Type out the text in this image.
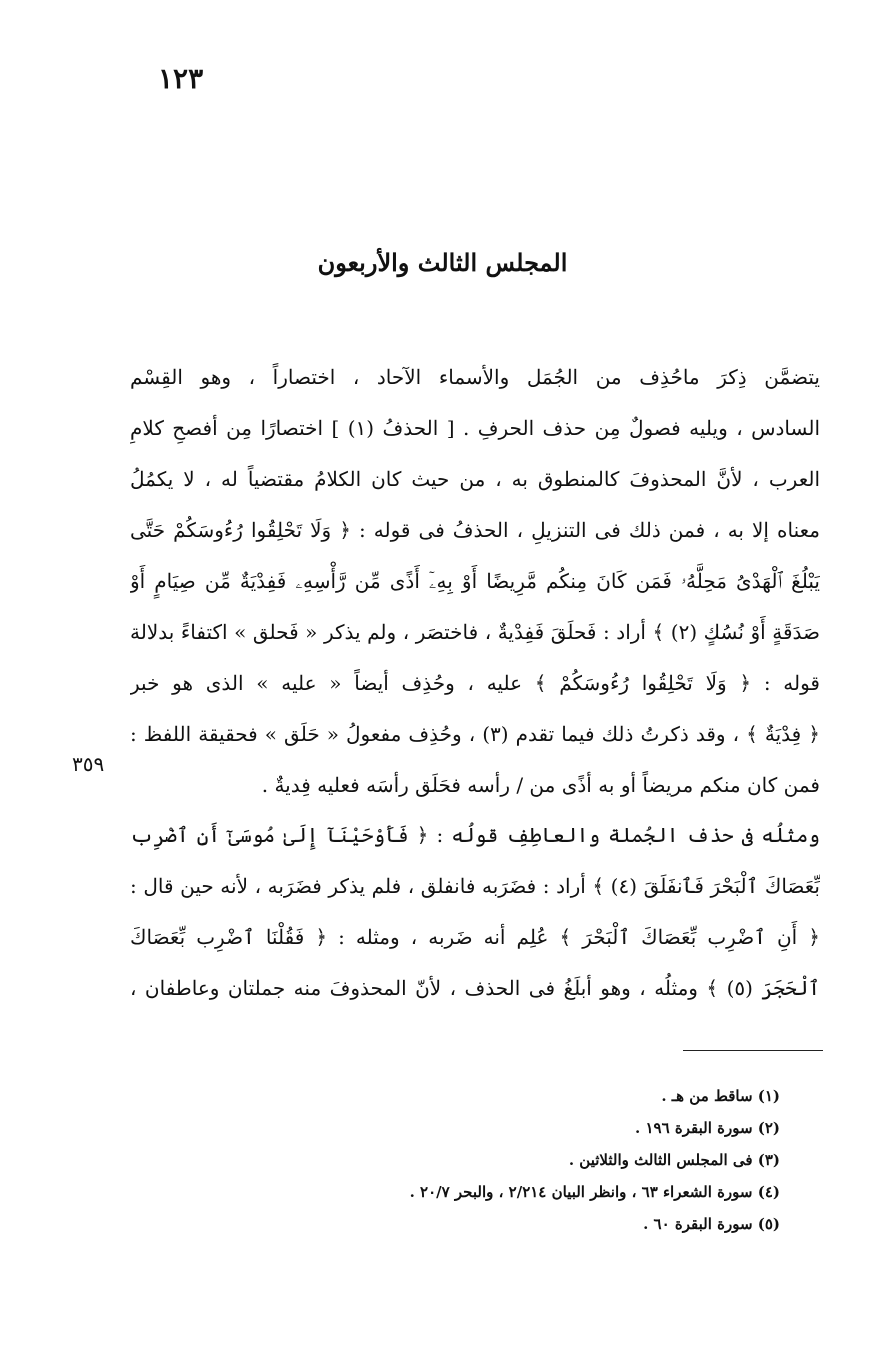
١٢٣
المجلس الثالث والأربعون
يتضمَّن ذِكرَ ماحُذِف من الجُمَل والأسماء الآحاد ، اختصاراً ، وهو القِسْم
السادس ، ويليه فصولٌ مِن حذف الحرفِ . [ الحذفُ (١) ] اختصارًا مِن أفصحِ كلامِ
العرب ، لأنَّ المحذوفَ كالمنطوق به ، من حيث كان الكلامُ مقتضياً له ، لا يكمُلُ
معناه إلا به ، فمن ذلك فى التنزيلِ ، الحذفُ فى قوله : ﴿ وَلَا تَحْلِقُوا رُءُوسَكُمْ حَتَّى
يَبْلُغَ ٱلْهَدْىُ مَحِلَّهُۥ فَمَن كَانَ مِنكُم مَّرِيضًا أَوْ بِهِۦٓ أَذًى مِّن رَّأْسِهِۦ فَفِدْيَةٌ مِّن صِيَامٍ أَوْ
صَدَقَةٍ أَوْ نُسُكٍ (٢) ﴾ أراد : فَحلَقَ فَفِدْيةٌ ، فاختصَر ، ولم يذكر « فَحلق » اكتفاءً بدلالة
قوله : ﴿ وَلَا تَحْلِقُوا رُءُوسَكُمْ ﴾ عليه ، وحُذِف أيضاً « عليه » الذى هو خبر
﴿ فِدْيَةٌ ﴾ ، وقد ذكرتُ ذلك فيما تقدم (٣) ، وحُذِف مفعولُ « حَلَق » فحقيقة اللفظ :
فمن كان منكم مريضاً أو به أذًى من / رأسه فحَلَق رأسَه فعليه فِديةٌ .
٣٥٩
ومثلُه فى حذف الجُملة والعاطِفِ قولُه : ﴿ فَأَوْحَيْنَآ إِلَىٰ مُوسَىٰٓ أَنِ ٱضْرِب
بِّعَصَاكَ ٱلْبَحْرَ فَٱنفَلَقَ (٤) ﴾ أراد : فضَرَبه فانفلق ، فلم يذكر فضَرَبه ، لأنه حين قال :
﴿ أَنِ ٱضْرِب بِّعَصَاكَ ٱلْبَحْرَ ﴾ عُلِم أنه ضَربه ، ومثله : ﴿ فَقُلْنَا ٱضْرِب بِّعَصَاكَ
ٱلْحَجَرَ (٥) ﴾ ومثلُه ، وهو أبلَغُ فى الحذف ، لأنّ المحذوفَ منه جملتان وعاطفان ،
(١) ساقط من هـ .
(٢) سورة البقرة ١٩٦ .
(٣) فى المجلس الثالث والثلاثين .
(٤) سورة الشعراء ٦٣ ، وانظر البيان ٢/٢١٤ ، والبحر ٢٠/٧ .
(٥) سورة البقرة ٦٠ .
